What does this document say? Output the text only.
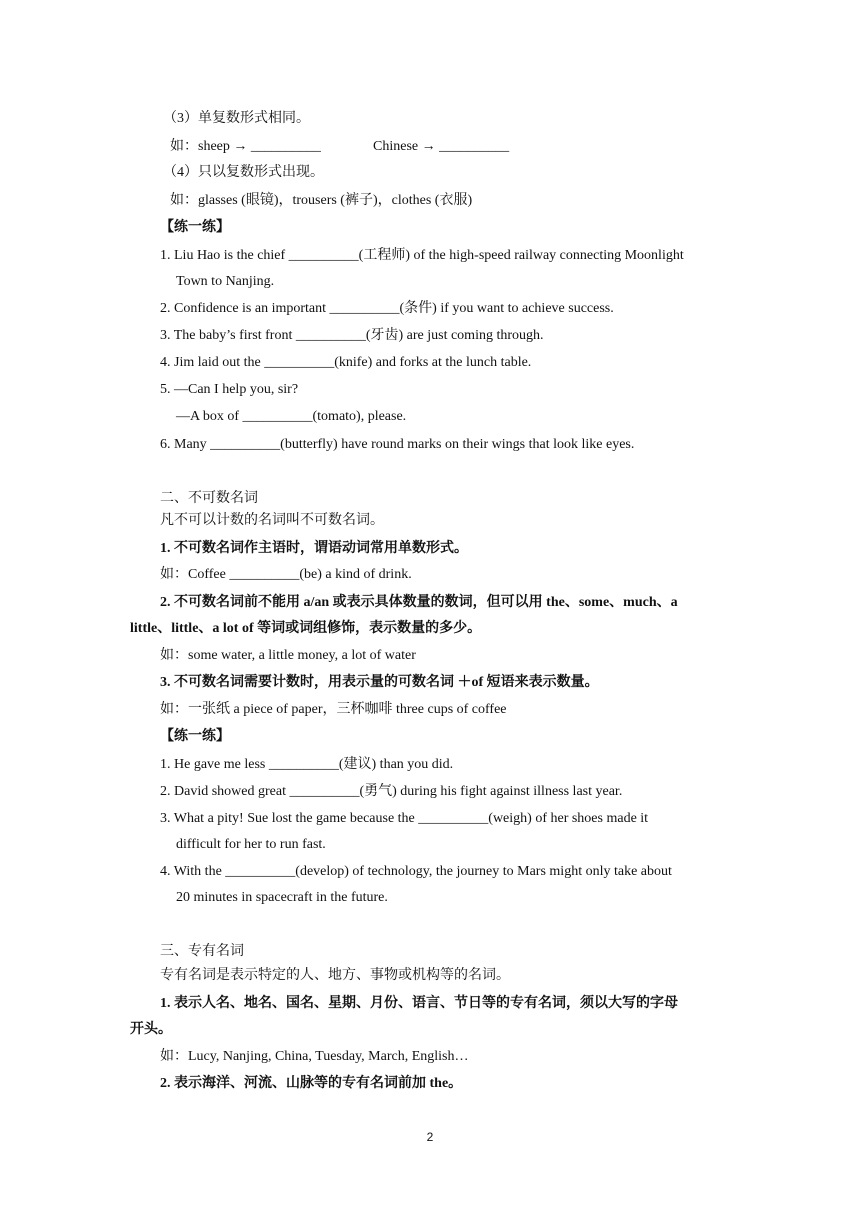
（3）单复数形式相同。
如：sheep → __________	Chinese → __________
（4）只以复数形式出现。
如：glasses (眼镜)，trousers (裤子)，clothes (衣服)
【练一练】
1. Liu Hao is the chief __________(工程师) of the high-speed railway connecting Moonlight
Town to Nanjing.
2. Confidence is an important __________(条件) if you want to achieve success.
3. The baby’s first front __________(牙齿) are just coming through.
4. Jim laid out the __________(knife) and forks at the lunch table.
5. —Can I help you, sir?
—A box of __________(tomato), please.
6. Many __________(butterfly) have round marks on their wings that look like eyes.
二、不可数名词
凡不可以计数的名词叫不可数名词。
1. 不可数名词作主语时，谓语动词常用单数形式。
如：Coffee __________(be) a kind of drink.
2. 不可数名词前不能用 a/an 或表示具体数量的数词，但可以用 the、some、much、a
little、little、a lot of 等词或词组修饰，表示数量的多少。
如：some water, a little money, a lot of water
3. 不可数名词需要计数时，用表示量的可数名词 ＋of 短语来表示数量。
如：一张纸 a piece of paper，三杯咖啡 three cups of coffee
【练一练】
1. He gave me less __________(建议) than you did.
2. David showed great __________(勇气) during his fight against illness last year.
3. What a pity! Sue lost the game because the __________(weigh) of her shoes made it
difficult for her to run fast.
4. With the __________(develop) of technology, the journey to Mars might only take about
20 minutes in spacecraft in the future.
三、专有名词
专有名词是表示特定的人、地方、事物或机构等的名词。
1. 表示人名、地名、国名、星期、月份、语言、节日等的专有名词，须以大写的字母
开头。
如：Lucy, Nanjing, China, Tuesday, March, English…
2. 表示海洋、河流、山脉等的专有名词前加 the。
2
